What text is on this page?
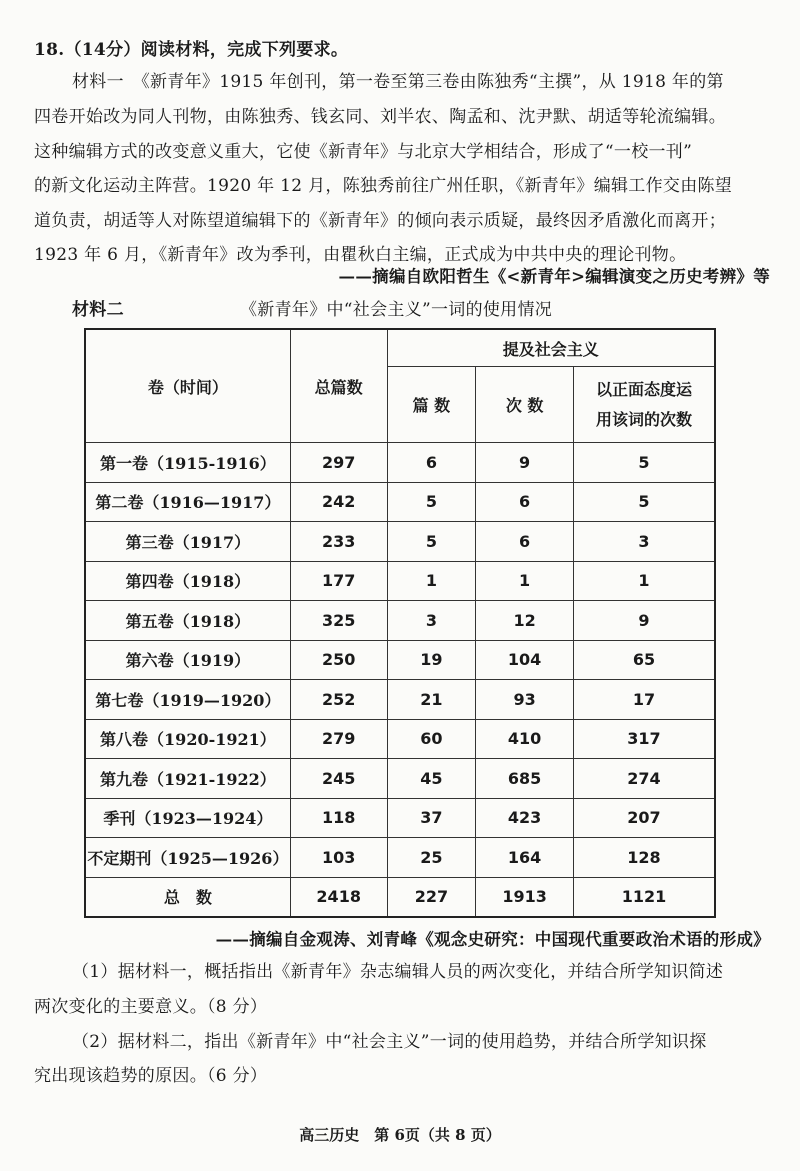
18.（14分）阅读材料，完成下列要求。
材料一　《新青年》1915 年创刊，第一卷至第三卷由陈独秀“主撰”，从 1918 年的第
四卷开始改为同人刊物，由陈独秀、钱玄同、刘半农、陶孟和、沈尹默、胡适等轮流编辑。
这种编辑方式的改变意义重大，它使《新青年》与北京大学相结合，形成了“一校一刊”
的新文化运动主阵营。1920 年 12 月，陈独秀前往广州任职，《新青年》编辑工作交由陈望
道负责，胡适等人对陈望道编辑下的《新青年》的倾向表示质疑，最终因矛盾激化而离开；
1923 年 6 月，《新青年》改为季刊，由瞿秋白主编，正式成为中共中央的理论刊物。
——摘编自欧阳哲生《<新青年>编辑演变之历史考辨》等
材料二	《新青年》中“社会主义”一词的使用情况
卷（时间）	总篇数	提及社会主义		
		篇 数	次 数	以正面态度运
用该词的次数

第一卷（1915-1916）	297	6	9	5
第二卷（1916—1917）	242	5	6	5
第三卷（1917）	233	5	6	3
第四卷（1918）	177	1	1	1
第五卷（1918）	325	3	12	9
第六卷（1919）	250	19	104	65
第七卷（1919—1920）	252	21	93	17
第八卷（1920-1921）	279	60	410	317
第九卷（1921-1922）	245	45	685	274
季刊（1923—1924）	118	37	423	207
不定期刊（1925—1926）	103	25	164	128
总　数	2418	227	1913	1121
——摘编自金观涛、刘青峰《观念史研究：中国现代重要政治术语的形成》
（1）据材料一，概括指出《新青年》杂志编辑人员的两次变化，并结合所学知识简述
两次变化的主要意义。（8 分）
（2）据材料二，指出《新青年》中“社会主义”一词的使用趋势，并结合所学知识探
究出现该趋势的原因。（6 分）
高三历史　第 6页（共 8 页）
